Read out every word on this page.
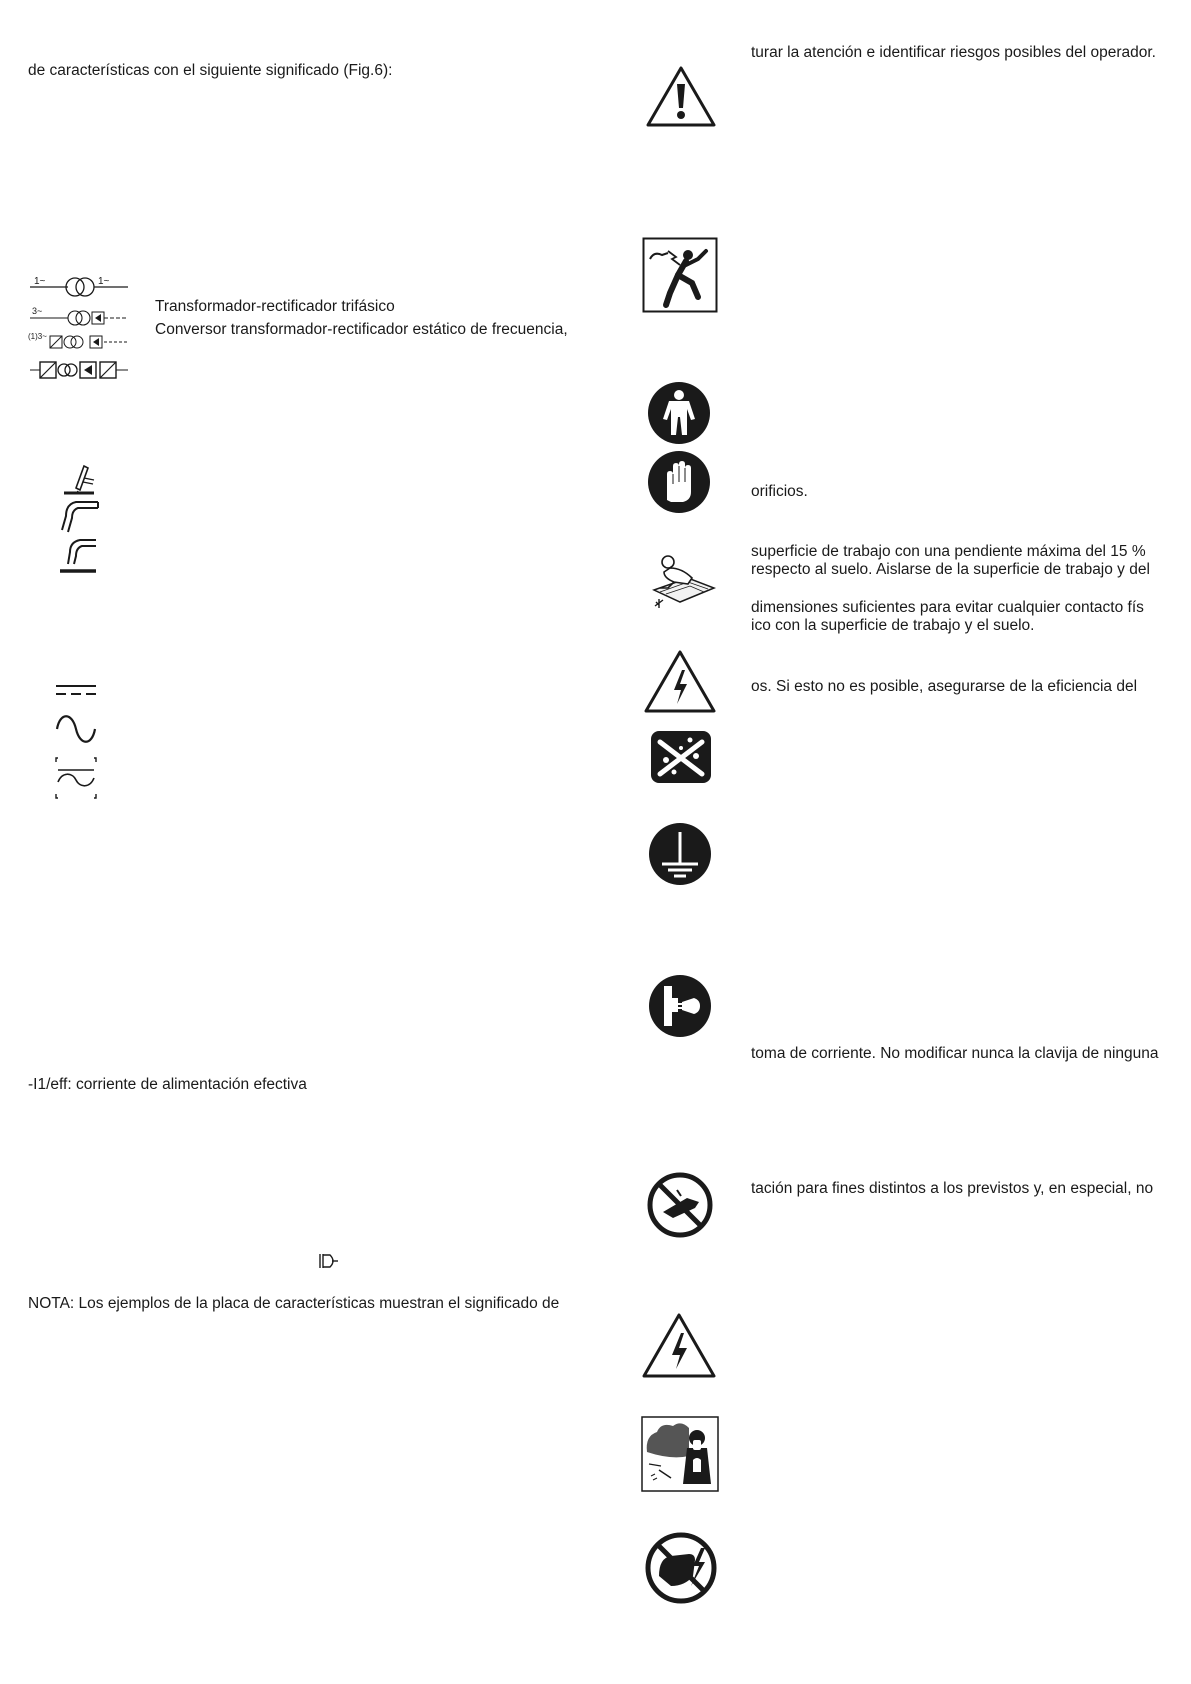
de características con el siguiente significado (Fig.6):
Transformador-rectificador trifásico
Conversor transformador-rectificador estático de frecuencia,
-I1/eff: corriente de alimentación efectiva
NOTA: Los ejemplos de la placa de características muestran el significado de
turar la atención e identificar riesgos posibles del operador.
orificios.
superficie de trabajo con una pendiente máxima del 15 %
respecto al suelo. Aislarse de la superficie de trabajo y del
dimensiones suficientes para evitar cualquier contacto fís
ico con la superficie de trabajo y el suelo.
os. Si esto no es posible, asegurarse de la eficiencia del
toma de corriente. No modificar nunca la clavija de ninguna
tación para fines distintos a los previstos y, en especial, no
1~	1~
3~
(1)3~
